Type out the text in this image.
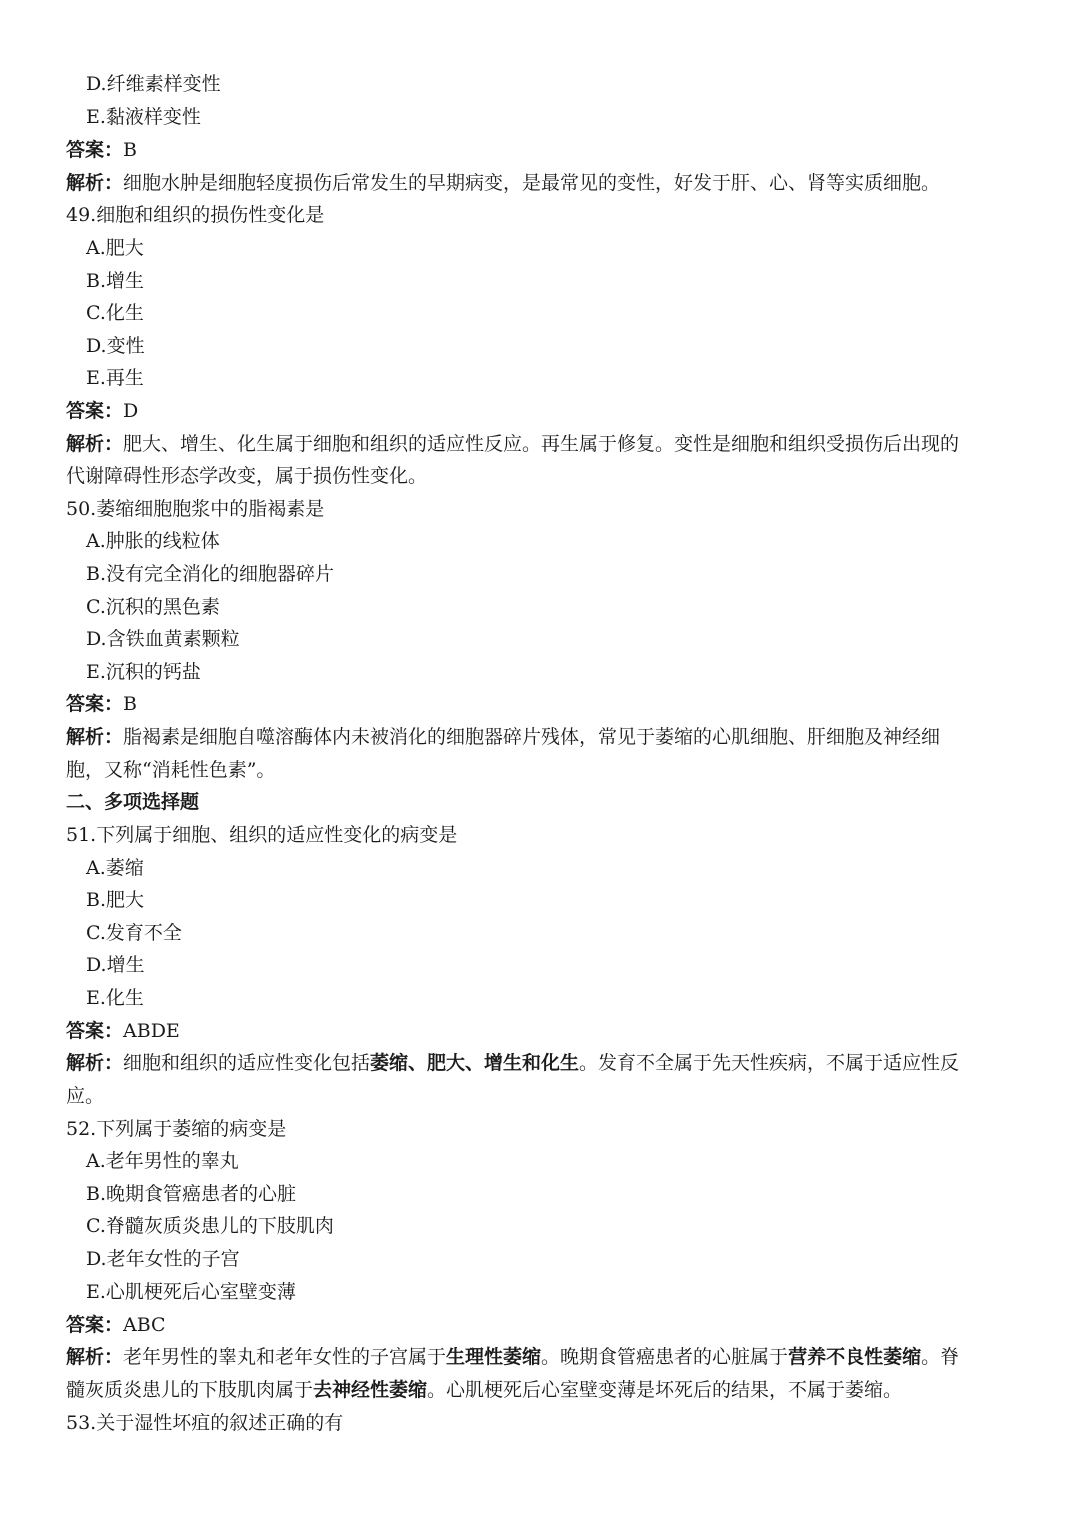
D.纤维素样变性
E.黏液样变性
答案：B
解析：细胞水肿是细胞轻度损伤后常发生的早期病变，是最常见的变性，好发于肝、心、肾等实质细胞。
49.细胞和组织的损伤性变化是
A.肥大
B.增生
C.化生
D.变性
E.再生
答案：D
解析：肥大、增生、化生属于细胞和组织的适应性反应。再生属于修复。变性是细胞和组织受损伤后出现的
代谢障碍性形态学改变，属于损伤性变化。
50.萎缩细胞胞浆中的脂褐素是
A.肿胀的线粒体
B.没有完全消化的细胞器碎片
C.沉积的黑色素
D.含铁血黄素颗粒
E.沉积的钙盐
答案：B
解析：脂褐素是细胞自噬溶酶体内未被消化的细胞器碎片残体，常见于萎缩的心肌细胞、肝细胞及神经细
胞，又称“消耗性色素”。
二、多项选择题
51.下列属于细胞、组织的适应性变化的病变是
A.萎缩
B.肥大
C.发育不全
D.增生
E.化生
答案：ABDE
解析：细胞和组织的适应性变化包括萎缩、肥大、增生和化生。发育不全属于先天性疾病，不属于适应性反
应。
52.下列属于萎缩的病变是
A.老年男性的睾丸
B.晚期食管癌患者的心脏
C.脊髓灰质炎患儿的下肢肌肉
D.老年女性的子宫
E.心肌梗死后心室壁变薄
答案：ABC
解析：老年男性的睾丸和老年女性的子宫属于生理性萎缩。晚期食管癌患者的心脏属于营养不良性萎缩。脊
髓灰质炎患儿的下肢肌肉属于去神经性萎缩。心肌梗死后心室壁变薄是坏死后的结果，不属于萎缩。
53.关于湿性坏疽的叙述正确的有
